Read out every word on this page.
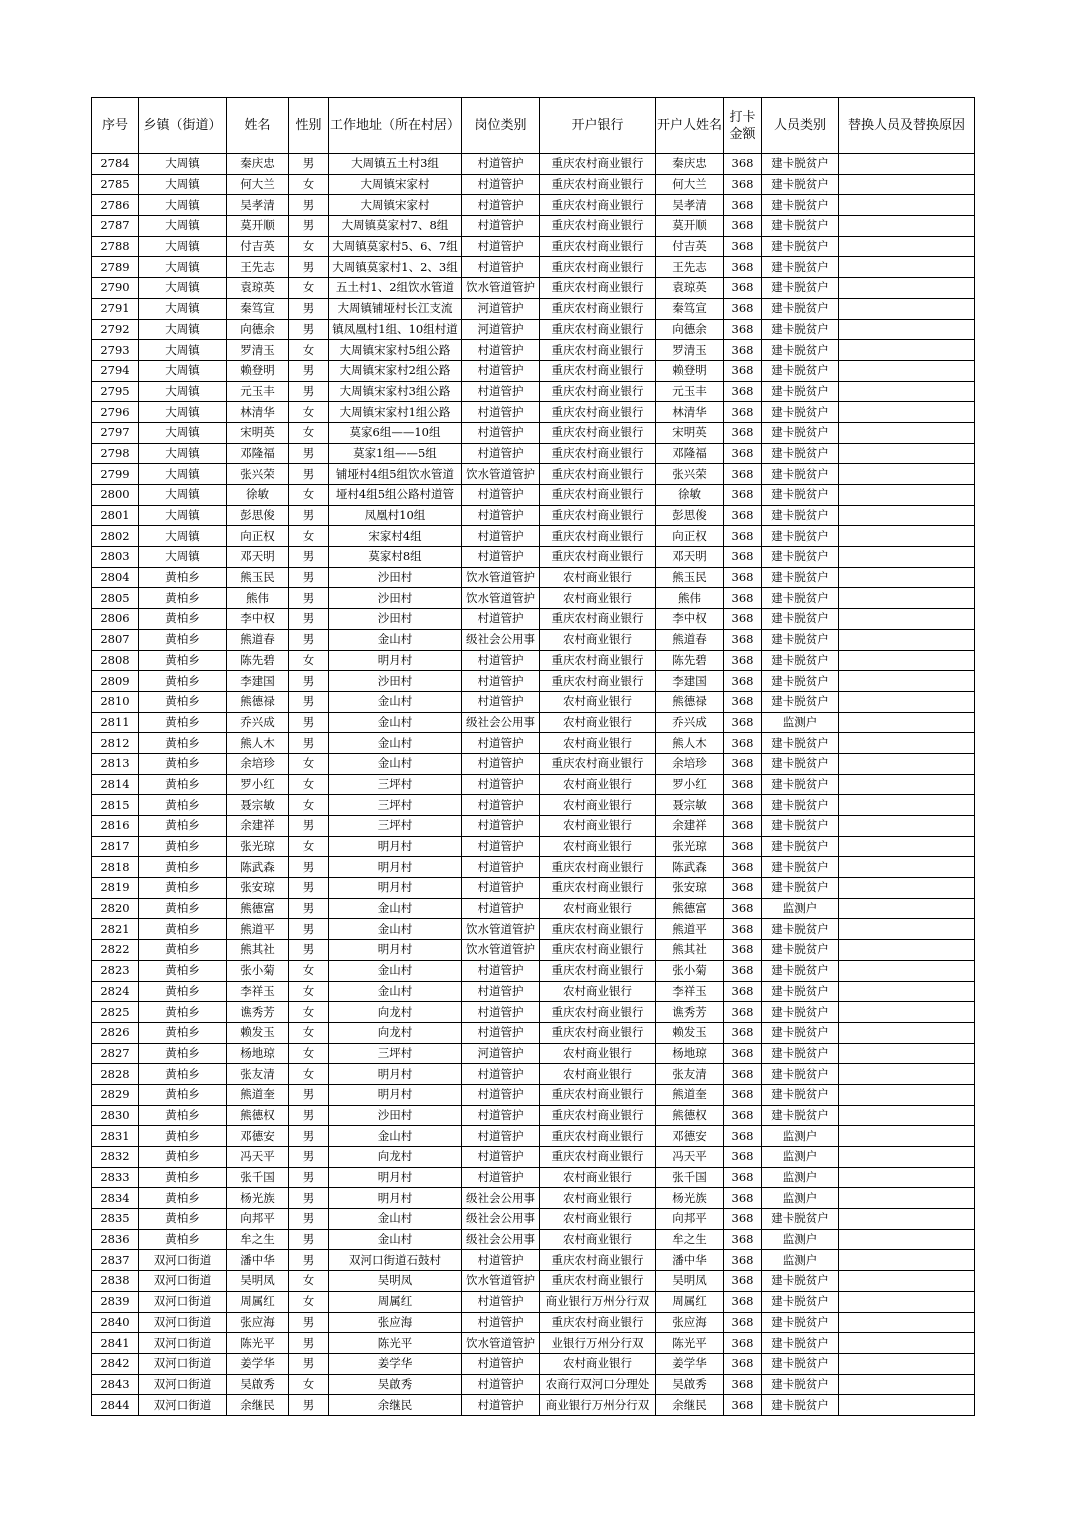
序号	乡镇（街道）	姓名	性别	工作地址（所在村居）	岗位类别	开户银行	开户人姓名	打卡金额	人员类别	替换人员及替换原因
2784	大周镇	秦庆忠	男	大周镇五土村3组	村道管护	重庆农村商业银行	秦庆忠	368	建卡脱贫户	
2785	大周镇	何大兰	女	大周镇宋家村	村道管护	重庆农村商业银行	何大兰	368	建卡脱贫户	
2786	大周镇	吴孝清	男	大周镇宋家村	村道管护	重庆农村商业银行	吴孝清	368	建卡脱贫户	
2787	大周镇	莫开顺	男	大周镇莫家村7、8组	村道管护	重庆农村商业银行	莫开顺	368	建卡脱贫户	
2788	大周镇	付吉英	女	大周镇莫家村5、6、7组	村道管护	重庆农村商业银行	付吉英	368	建卡脱贫户	
2789	大周镇	王先志	男	大周镇莫家村1、2、3组	村道管护	重庆农村商业银行	王先志	368	建卡脱贫户	
2790	大周镇	袁琼英	女	五土村1、2组饮水管道	饮水管道管护	重庆农村商业银行	袁琼英	368	建卡脱贫户	
2791	大周镇	秦笃宣	男	大周镇铺垭村长江支流	河道管护	重庆农村商业银行	秦笃宣	368	建卡脱贫户	
2792	大周镇	向德余	男	镇凤凰村1组、10组村道	河道管护	重庆农村商业银行	向德余	368	建卡脱贫户	
2793	大周镇	罗清玉	女	大周镇宋家村5组公路	村道管护	重庆农村商业银行	罗清玉	368	建卡脱贫户	
2794	大周镇	赖登明	男	大周镇宋家村2组公路	村道管护	重庆农村商业银行	赖登明	368	建卡脱贫户	
2795	大周镇	元玉丰	男	大周镇宋家村3组公路	村道管护	重庆农村商业银行	元玉丰	368	建卡脱贫户	
2796	大周镇	林清华	女	大周镇宋家村1组公路	村道管护	重庆农村商业银行	林清华	368	建卡脱贫户	
2797	大周镇	宋明英	女	莫家6组——10组	村道管护	重庆农村商业银行	宋明英	368	建卡脱贫户	
2798	大周镇	邓隆福	男	莫家1组——5组	村道管护	重庆农村商业银行	邓隆福	368	建卡脱贫户	
2799	大周镇	张兴荣	男	铺垭村4组5组饮水管道	饮水管道管护	重庆农村商业银行	张兴荣	368	建卡脱贫户	
2800	大周镇	徐敏	女	垭村4组5组公路村道管	村道管护	重庆农村商业银行	徐敏	368	建卡脱贫户	
2801	大周镇	彭思俊	男	凤凰村10组	村道管护	重庆农村商业银行	彭思俊	368	建卡脱贫户	
2802	大周镇	向正权	女	宋家村4组	村道管护	重庆农村商业银行	向正权	368	建卡脱贫户	
2803	大周镇	邓天明	男	莫家村8组	村道管护	重庆农村商业银行	邓天明	368	建卡脱贫户	
2804	黄柏乡	熊玉民	男	沙田村	饮水管道管护	农村商业银行	熊玉民	368	建卡脱贫户	
2805	黄柏乡	熊伟	男	沙田村	饮水管道管护	农村商业银行	熊伟	368	建卡脱贫户	
2806	黄柏乡	李中权	男	沙田村	村道管护	重庆农村商业银行	李中权	368	建卡脱贫户	
2807	黄柏乡	熊道春	男	金山村	级社会公用事	农村商业银行	熊道春	368	建卡脱贫户	
2808	黄柏乡	陈先碧	女	明月村	村道管护	重庆农村商业银行	陈先碧	368	建卡脱贫户	
2809	黄柏乡	李建国	男	沙田村	村道管护	重庆农村商业银行	李建国	368	建卡脱贫户	
2810	黄柏乡	熊德禄	男	金山村	村道管护	农村商业银行	熊德禄	368	建卡脱贫户	
2811	黄柏乡	乔兴成	男	金山村	级社会公用事	农村商业银行	乔兴成	368	监测户	
2812	黄柏乡	熊人木	男	金山村	村道管护	农村商业银行	熊人木	368	建卡脱贫户	
2813	黄柏乡	余培珍	女	金山村	村道管护	重庆农村商业银行	余培珍	368	建卡脱贫户	
2814	黄柏乡	罗小红	女	三坪村	村道管护	农村商业银行	罗小红	368	建卡脱贫户	
2815	黄柏乡	聂宗敏	女	三坪村	村道管护	农村商业银行	聂宗敏	368	建卡脱贫户	
2816	黄柏乡	余建祥	男	三坪村	村道管护	农村商业银行	余建祥	368	建卡脱贫户	
2817	黄柏乡	张光琼	女	明月村	村道管护	农村商业银行	张光琼	368	建卡脱贫户	
2818	黄柏乡	陈武森	男	明月村	村道管护	重庆农村商业银行	陈武森	368	建卡脱贫户	
2819	黄柏乡	张安琼	男	明月村	村道管护	重庆农村商业银行	张安琼	368	建卡脱贫户	
2820	黄柏乡	熊德富	男	金山村	村道管护	农村商业银行	熊德富	368	监测户	
2821	黄柏乡	熊道平	男	金山村	饮水管道管护	重庆农村商业银行	熊道平	368	建卡脱贫户	
2822	黄柏乡	熊其社	男	明月村	饮水管道管护	重庆农村商业银行	熊其社	368	建卡脱贫户	
2823	黄柏乡	张小菊	女	金山村	村道管护	重庆农村商业银行	张小菊	368	建卡脱贫户	
2824	黄柏乡	李祥玉	女	金山村	村道管护	农村商业银行	李祥玉	368	建卡脱贫户	
2825	黄柏乡	谯秀芳	女	向龙村	村道管护	重庆农村商业银行	谯秀芳	368	建卡脱贫户	
2826	黄柏乡	赖发玉	女	向龙村	村道管护	重庆农村商业银行	赖发玉	368	建卡脱贫户	
2827	黄柏乡	杨地琼	女	三坪村	河道管护	农村商业银行	杨地琼	368	建卡脱贫户	
2828	黄柏乡	张友清	女	明月村	村道管护	农村商业银行	张友清	368	建卡脱贫户	
2829	黄柏乡	熊道奎	男	明月村	村道管护	重庆农村商业银行	熊道奎	368	建卡脱贫户	
2830	黄柏乡	熊德权	男	沙田村	村道管护	重庆农村商业银行	熊德权	368	建卡脱贫户	
2831	黄柏乡	邓德安	男	金山村	村道管护	重庆农村商业银行	邓德安	368	监测户	
2832	黄柏乡	冯天平	男	向龙村	村道管护	重庆农村商业银行	冯天平	368	监测户	
2833	黄柏乡	张千国	男	明月村	村道管护	农村商业银行	张千国	368	监测户	
2834	黄柏乡	杨光族	男	明月村	级社会公用事	农村商业银行	杨光族	368	监测户	
2835	黄柏乡	向邦平	男	金山村	级社会公用事	农村商业银行	向邦平	368	建卡脱贫户	
2836	黄柏乡	牟之生	男	金山村	级社会公用事	农村商业银行	牟之生	368	监测户	
2837	双河口街道	潘中华	男	双河口街道石鼓村	村道管护	重庆农村商业银行	潘中华	368	监测户	
2838	双河口街道	吴明凤	女	吴明凤	饮水管道管护	重庆农村商业银行	吴明凤	368	建卡脱贫户	
2839	双河口街道	周属红	女	周属红	村道管护	商业银行万州分行双	周属红	368	建卡脱贫户	
2840	双河口街道	张应海	男	张应海	村道管护	重庆农村商业银行	张应海	368	建卡脱贫户	
2841	双河口街道	陈光平	男	陈光平	饮水管道管护	业银行万州分行双	陈光平	368	建卡脱贫户	
2842	双河口街道	姜学华	男	姜学华	村道管护	农村商业银行	姜学华	368	建卡脱贫户	
2843	双河口街道	吴啟秀	女	吴啟秀	村道管护	农商行双河口分理处	吴啟秀	368	建卡脱贫户	
2844	双河口街道	余继民	男	余继民	村道管护	商业银行万州分行双	余继民	368	建卡脱贫户	
